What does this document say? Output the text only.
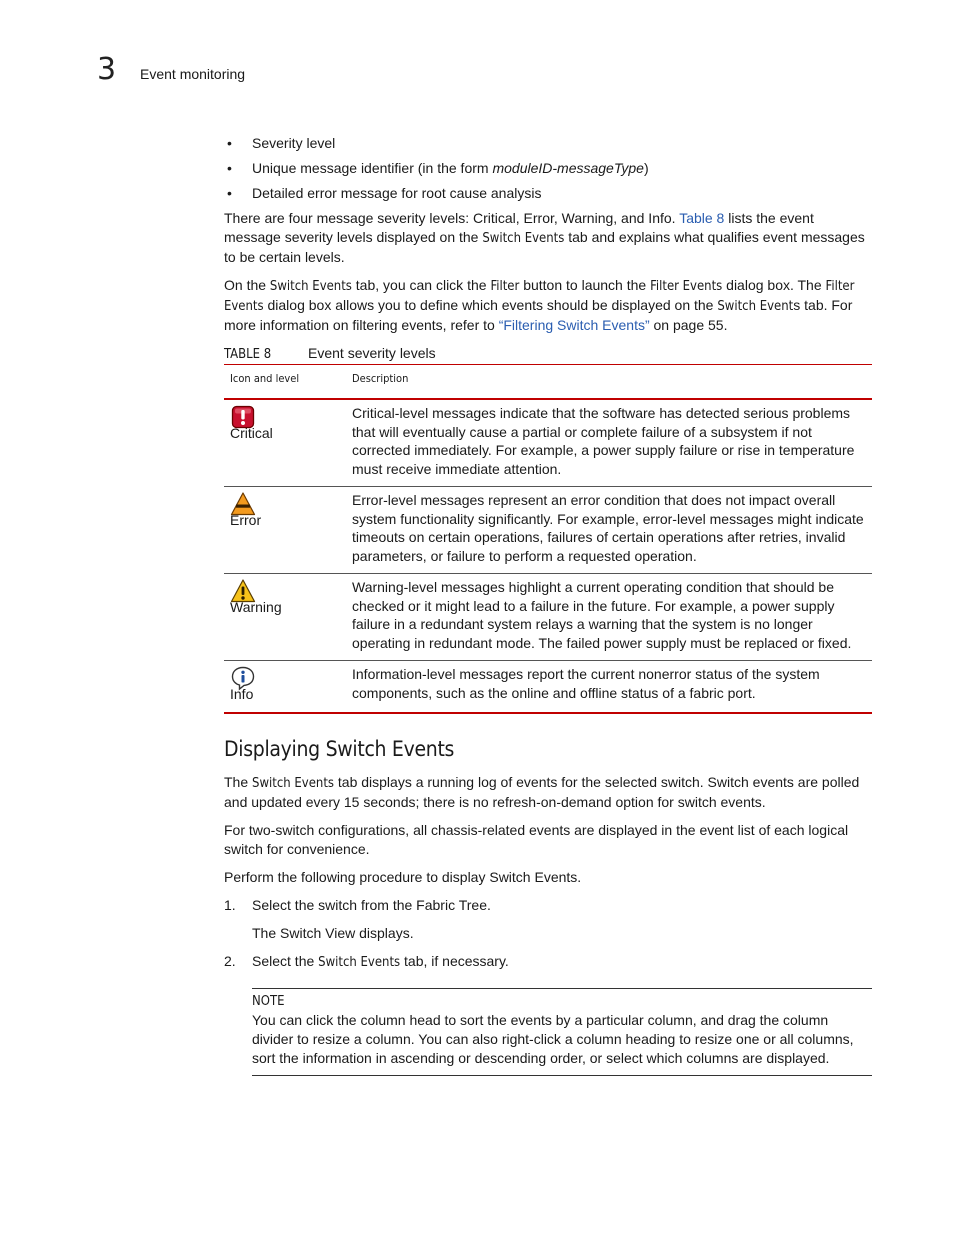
3 Event monitoring
• Severity level
• Unique message identifier (in the form moduleID-messageType)
• Detailed error message for root cause analysis

There are four message severity levels: Critical, Error, Warning, and Info. Table 8 lists the event message severity levels displayed on the Switch Events tab and explains what qualifies event messages to be certain levels.

On the Switch Events tab, you can click the Filter button to launch the Filter Events dialog box. The Filter Events dialog box allows you to define which events should be displayed on the Switch Events tab. For more information on filtering events, refer to “Filtering Switch Events” on page 55.

TABLE 8	Event severity levels
Icon and level	Description

Critical	Critical-level messages indicate that the software has detected serious problems that will eventually cause a partial or complete failure of a subsystem if not corrected immediately. For example, a power supply failure or rise in temperature must receive immediate attention.

Error	Error-level messages represent an error condition that does not impact overall system functionality significantly. For example, error-level messages might indicate timeouts on certain operations, failures of certain operations after retries, invalid parameters, or failure to perform a requested operation.

Warning	Warning-level messages highlight a current operating condition that should be checked or it might lead to a failure in the future. For example, a power supply failure in a redundant system relays a warning that the system is no longer operating in redundant mode. The failed power supply must be replaced or fixed.

Info	Information-level messages report the current nonerror status of the system components, such as the online and offline status of a fabric port.
Displaying Switch Events

The Switch Events tab displays a running log of events for the selected switch. Switch events are polled and updated every 15 seconds; there is no refresh-on-demand option for switch events.

For two-switch configurations, all chassis-related events are displayed in the event list of each logical switch for convenience.

Perform the following procedure to display Switch Events.

1. Select the switch from the Fabric Tree.
The Switch View displays.
2. Select the Switch Events tab, if necessary.
NOTE
You can click the column head to sort the events by a particular column, and drag the column divider to resize a column. You can also right-click a column heading to resize one or all columns, sort the information in ascending or descending order, or select which columns are displayed.
